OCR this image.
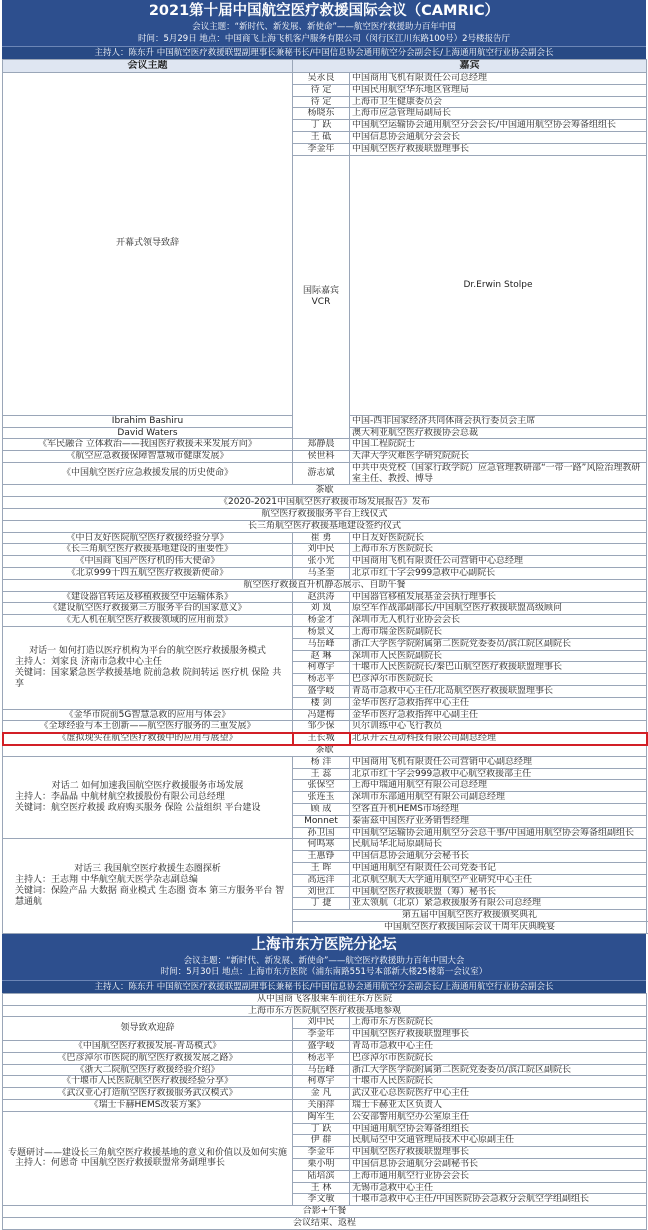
2021第十届中国航空医疗救援国际会议（CAMRIC）
会议主题：“新时代、新发展、新使命”——航空医疗救援助力百年中国
时间：5月29日 地点：中国商飞上海飞机客户服务有限公司（闵行区江川东路100号）2号楼报告厅
主持人：陈东升 中国航空医疗救援联盟副理事长兼秘书长/中国信息协会通用航空分会副会长/上海通用航空行业协会副会长
会议主题	嘉宾		

开幕式领导致辞	吴永良	中国商用飞机有限责任公司总经理	
	待 定	中国民用航空华东地区管理局	
	待 定	上海市卫生健康委员会	
	杨晓东	上海市应急管理局副局长	
	丁 跃	中国航空运输协会通用航空分会会长/中国通用航空协会筹备组组长	
	王 砥	中国信息协会通航分会会长	
	李金年	中国航空医疗救援联盟理事长	

	国际嘉宾VCR	Dr.Erwin Stolpe	
Ibrahim Bashiru		中国-西非国家经济共同体商会执行委员会主席	
David Waters		澳大利亚航空医疗救援协会总裁	

《军民融合 立体救治——我国医疗救援未来发展方向》	郑静晨	中国工程院院士	

《航空应急救援保障智慧城市健康发展》	侯世科	天津大学灾难医学研究院院长	

《中国航空医疗应急救援发展的历史使命》	游志斌	中共中央党校（国家行政学院）应急管理教研部“一带一路”风险治理教研室主任、教授、博导	
茶歇			
《2020-2021中国航空医疗救援市场发展报告》发布			
航空医疗救援服务平台上线仪式			
长三角航空医疗救援基地建设签约仪式			

《中日友好医院航空医疗救援经验分享》	崔 勇	中日友好医院院长	

《长三角航空医疗救援基地建设的重要性》	刘中民	上海市东方医院院长	

《中国商飞国产医疗机的伟大使命》	张小光	中国商用飞机有限责任公司营销中心总经理	

《北京999十四五航空医疗救援新使命》	马圣奎	北京市红十字会999急救中心副院长	
航空医疗救援直升机静态展示、自助午餐			

《建设器官转运及移植救援空中运输体系》	赵洪涛	中国器官移植发展基金会执行理事长	

《建设航空医疗救援第三方服务平台的国家意义》	刘 岚	原空军作战部副部长/中国航空医疗救援联盟高级顾问	

《无人机在航空医疗救援领域的应用前景》	杨金才	深圳市无人机行业协会会长	

对话一 如何打造以医疗机构为平台的航空医疗救援服务模式
主持人：刘家良 济南市急救中心主任
关键词：国家紧急医学救援基地 院前急救 院间转运 医疗机 保险 共享	杨景义	上海市瑞金医院副院长	
	马岳峰	浙江大学医学院附属第二医院党委委员/滨江院区副院长	
	赵 琳	深圳市人民医院副院长	
	柯尊宇	十堰市人民医院院长/秦巴山航空医疗救援联盟理事长	
	杨志平	巴彦淖尔市医院院长	
	盛学岐	青岛市急救中心主任/北岛航空医疗救援联盟理事长	
	楼 剑	金华市医疗急救指挥中心主任	

《金华市院前5G智慧急救的应用与体会》	冯建梅	金华市医疗急救指挥中心副主任	

《全球经验与本土创新——航空医疗服务的三重发展》	邹少保	贝尔训练中心飞行教员	

《虚拟现实在航空医疗救援中的应用与展望》	王长城	北京开云互动科技有限公司副总经理	
茶歇			

对话二 如何加速我国航空医疗救援服务市场发展
主持人：李晶晶 中航材航空救援股份有限公司总经理
关键词：航空医疗救援 政府购买服务 保险 公益组织 平台建设	杨 洋	中国商用飞机有限责任公司营销中心副总经理	
	王 蕊	北京市红十字会999急救中心航空救援部主任	
	张保空	上海中瑞通用航空有限公司总经理	
	张连玉	深圳市东部通用航空有限公司副总经理	
	顾 成	空客直升机HEMS市场经理	
	Monnet	泰雷兹中国医疗业务销售经理	
	孙卫国	中国航空运输协会通用航空分会总干事/中国通用航空协会筹备组副组长	

对话三 我国航空医疗救援生态圈探析
主持人：王志翔 中华航空航天医学杂志副总编
关键词：保险产品 大数据 商业模式 生态圈 资本 第三方服务平台 智慧通航	何鸣寒	民航局华北局原副局长	
	王惠铮	中国信息协会通航分会秘书长	
	王 晖	中国通用航空有限责任公司党委书记	
	高远洋	北京航空航天大学通用航空产业研究中心主任	
	刘世江	中国航空医疗救援联盟（筹）秘书长	
	丁 捷	亚太领航（北京）紧急救援服务有限公司总经理	
	第五届中国航空医疗救援颁奖典礼		
	中国航空医疗救援国际会议十周年庆典晚宴		
上海市东方医院分论坛
会议主题：“新时代、新发展、新使命”——航空医疗救援助力百年中国大会
时间：5月30日 地点：上海市东方医院（浦东南路551号本部新大楼25楼第一会议室）
主持人：陈东升 中国航空医疗救援联盟副理事长兼秘书长/中国信息协会通用航空分会副会长/上海通用航空行业协会副会长
从中国商飞客服乘车前往东方医院		
上海市东方医院航空医疗救援基地参观		

领导致欢迎辞	刘中民	上海市东方医院院长
	李金年	中国航空医疗救援联盟理事长

《中国航空医疗救援发展-青岛模式》	盛学岐	青岛市急救中心主任

《巴彦淖尔市医院的航空医疗救援发展之路》	杨志平	巴彦淖尔市医院院长

《浙大二院航空医疗救援经验介绍》	马岳峰	浙江大学医学院附属第二医院党委委员/滨江院区副院长

《十堰市人民医院航空医疗救援经验分享》	柯尊宇	十堰市人民医院院长

《武汉亚心打造航空医疗救援服务武汉模式》	金 凡	武汉亚心总医院医疗中心主任

《瑞士卡赫HEMS改装方案》	关丽萍	瑞士卡赫亚太区负责人

专题研讨——建设长三角航空医疗救援基地的意义和价值以及如何实施
主持人：何恩奇 中国航空医疗救援联盟常务副理事长	陶军生	公安部警用航空办公室原主任
	丁 跃	中国通用航空协会筹备组组长
	伊 群	民航局空中交通管理局技术中心原副主任
	李金年	中国航空医疗救援联盟理事长
	栗小明	中国信息协会通航分会副秘书长
	陆培滨	上海市通用航空行业协会会长
	王 林	无锡市急救中心主任
	李文敏	十堰市急救中心主任/中国医院协会急救分会航空学组副组长
合影+午餐		
会议结束、返程		
